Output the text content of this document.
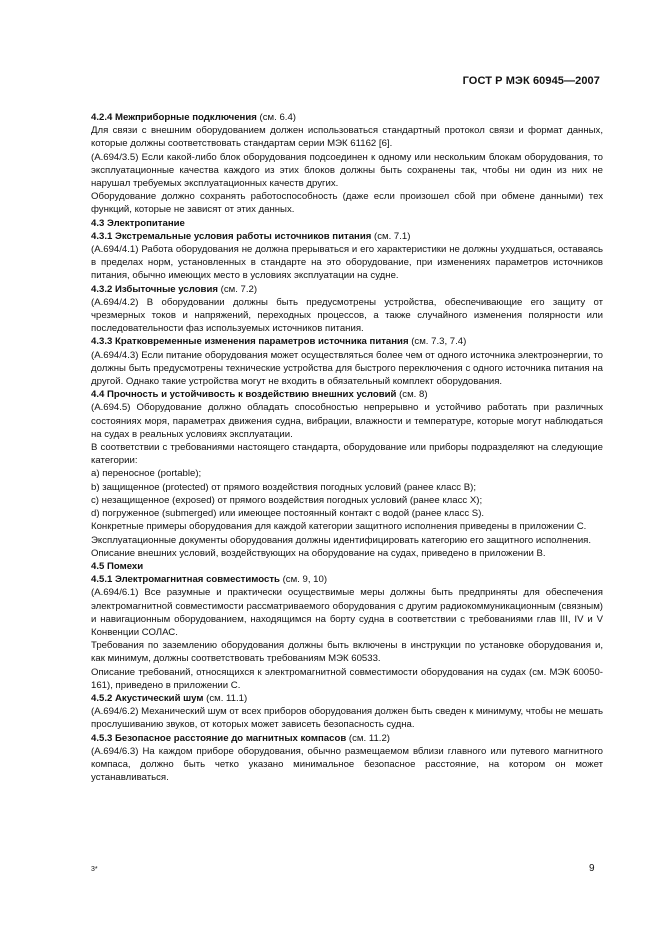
ГОСТ Р МЭК 60945—2007
4.2.4 Межприборные подключения (см. 6.4)
Для связи с внешним оборудованием должен использоваться стандартный протокол связи и формат данных, которые должны соответствовать стандартам серии МЭК 61162 [6].
(A.694/3.5) Если какой-либо блок оборудования подсоединен к одному или нескольким блокам оборудования, то эксплуатационные качества каждого из этих блоков должны быть сохранены так, чтобы ни один из них не нарушал требуемых эксплуатационных качеств других.
Оборудование должно сохранять работоспособность (даже если произошел сбой при обмене данными) тех функций, которые не зависят от этих данных.
4.3 Электропитание
4.3.1 Экстремальные условия работы источников питания (см. 7.1)
(A.694/4.1) Работа оборудования не должна прерываться и его характеристики не должны ухудшаться, оставаясь в пределах норм, установленных в стандарте на это оборудование, при изменениях параметров источников питания, обычно имеющих место в условиях эксплуатации на судне.
4.3.2 Избыточные условия (см. 7.2)
(A.694/4.2) В оборудовании должны быть предусмотрены устройства, обеспечивающие его защиту от чрезмерных токов и напряжений, переходных процессов, а также случайного изменения полярности или последовательности фаз используемых источников питания.
4.3.3 Кратковременные изменения параметров источника питания (см. 7.3, 7.4)
(A.694/4.3) Если питание оборудования может осуществляться более чем от одного источника электроэнергии, то должны быть предусмотрены технические устройства для быстрого переключения с одного источника питания на другой. Однако такие устройства могут не входить в обязательный комплект оборудования.
4.4 Прочность и устойчивость к воздействию внешних условий (см. 8)
(A.694.5) Оборудование должно обладать способностью непрерывно и устойчиво работать при различных состояниях моря, параметрах движения судна, вибрации, влажности и температуре, которые могут наблюдаться на судах в реальных условиях эксплуатации.
В соответствии с требованиями настоящего стандарта, оборудование или приборы подразделяют на следующие категории:
a) переносное (portable);
b) защищенное (protected) от прямого воздействия погодных условий (ранее класс B);
c) незащищенное (exposed) от прямого воздействия погодных условий (ранее класс X);
d) погруженное (submerged) или имеющее постоянный контакт с водой (ранее класс S).
Конкретные примеры оборудования для каждой категории защитного исполнения приведены в приложении C.
Эксплуатационные документы оборудования должны идентифицировать категорию его защитного исполнения.
Описание внешних условий, воздействующих на оборудование на судах, приведено в приложении B.
4.5 Помехи
4.5.1 Электромагнитная совместимость (см. 9, 10)
(A.694/6.1) Все разумные и практически осуществимые меры должны быть предприняты для обеспечения электромагнитной совместимости рассматриваемого оборудования с другим радиокоммуникационным (связным) и навигационным оборудованием, находящимся на борту судна в соответствии с требованиями глав III, IV и V Конвенции СОЛАС.
Требования по заземлению оборудования должны быть включены в инструкции по установке оборудования и, как минимум, должны соответствовать требованиям МЭК 60533.
Описание требований, относящихся к электромагнитной совместимости оборудования на судах (см. МЭК 60050-161), приведено в приложении C.
4.5.2 Акустический шум (см. 11.1)
(A.694/6.2) Механический шум от всех приборов оборудования должен быть сведен к минимуму, чтобы не мешать прослушиванию звуков, от которых может зависеть безопасность судна.
4.5.3 Безопасное расстояние до магнитных компасов (см. 11.2)
(A.694/6.3) На каждом приборе оборудования, обычно размещаемом вблизи главного или путевого магнитного компаса, должно быть четко указано минимальное безопасное расстояние, на котором он может устанавливаться.
3*	9
